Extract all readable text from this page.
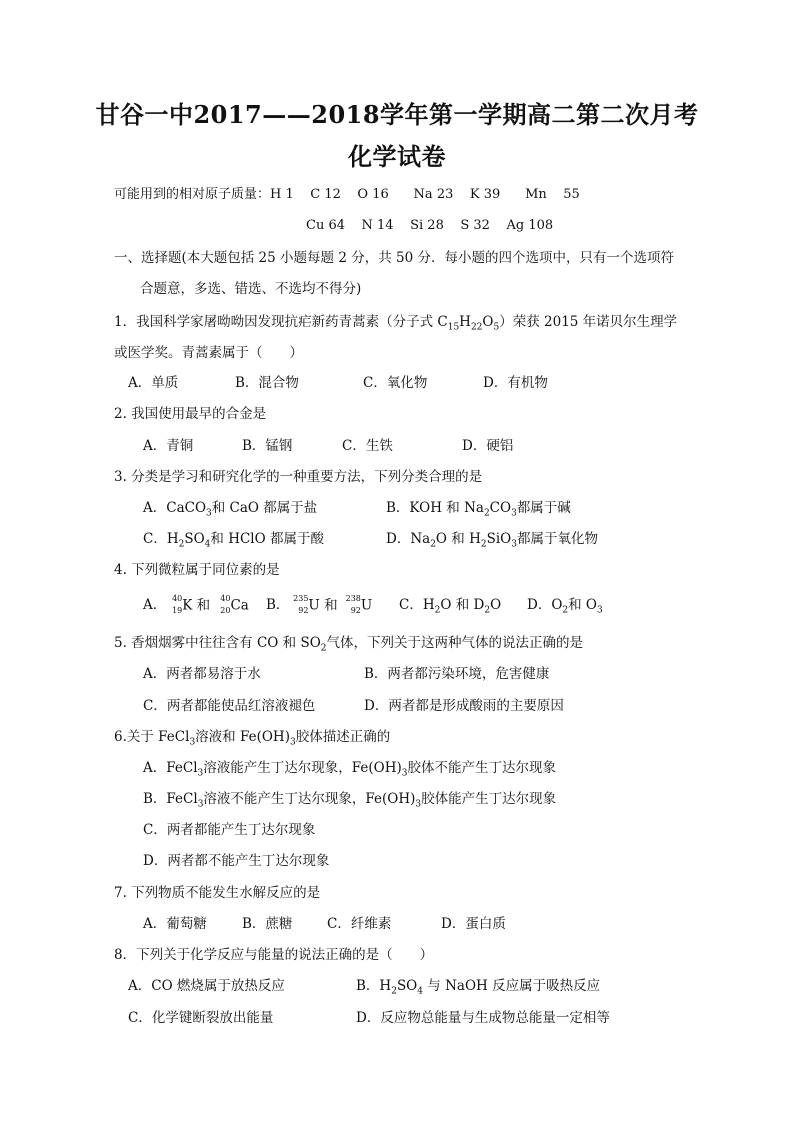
甘谷一中2017——2018学年第一学期高二第二次月考
化学试卷
可能用到的相对原子质量：H 1    C 12    O 16      Na 23    K 39      Mn    55
Cu 64    N 14    Si 28    S 32    Ag 108
一、选择题(本大题包括 25 小题每题 2 分，共 50 分．每小题的四个选项中，只有一个选项符
合题意，多选、错选、不选均不得分)
1．我国科学家屠呦呦因发现抗疟新药青蒿素（分子式 $C_{15}H_{22}O_5$）荣获 2015 年诺贝尔生理学
或医学奖。青蒿素属于（　　）
A．单质	B．混合物	C．氧化物	D．有机物
2. 我国使用最早的合金是
A．青铜	B．锰钢	C．生铁	D．硬铝
3. 分类是学习和研究化学的一种重要方法，下列分类合理的是
A．CaCO$_3$和 CaO 都属于盐	B．KOH 和 $Na_2CO_3$都属于碱
C．$H_2SO_4$和 HClO 都属于酸	D．$Na_2O$ 和 $H_2SiO_3$都属于氧化物
4. 下列微粒属于同位素的是
A． 40
19 K 和 40
20 Ca B． 235
92 U 和 238
92 U C．$H_2O$ 和 $D_2O$ D．$O_2$和 $O_3$
5. 香烟烟雾中往往含有 CO 和 $SO_2$气体，下列关于这两种气体的说法正确的是
A．两者都易溶于水	B．两者都污染环境，危害健康
C．两者都能使品红溶液褪色	D．两者都是形成酸雨的主要原因
6.关于 FeCl$_3$溶液和 $Fe(OH)_3$胶体描述正确的
A．FeCl$_3$溶液能产生丁达尔现象，$Fe(OH)_3$胶体不能产生丁达尔现象
B．FeCl$_3$溶液不能产生丁达尔现象，$Fe(OH)_3$胶体能产生丁达尔现象
C．两者都能产生丁达尔现象
D．两者都不能产生丁达尔现象
7. 下列物质不能发生水解反应的是
A．葡萄糖	B．蔗糖	C．纤维素	D．蛋白质
8．下列关于化学反应与能量的说法正确的是（　　）
A．CO 燃烧属于放热反应	B．$H_2SO_4$ 与 NaOH 反应属于吸热反应
C．化学键断裂放出能量	D．反应物总能量与生成物总能量一定相等
